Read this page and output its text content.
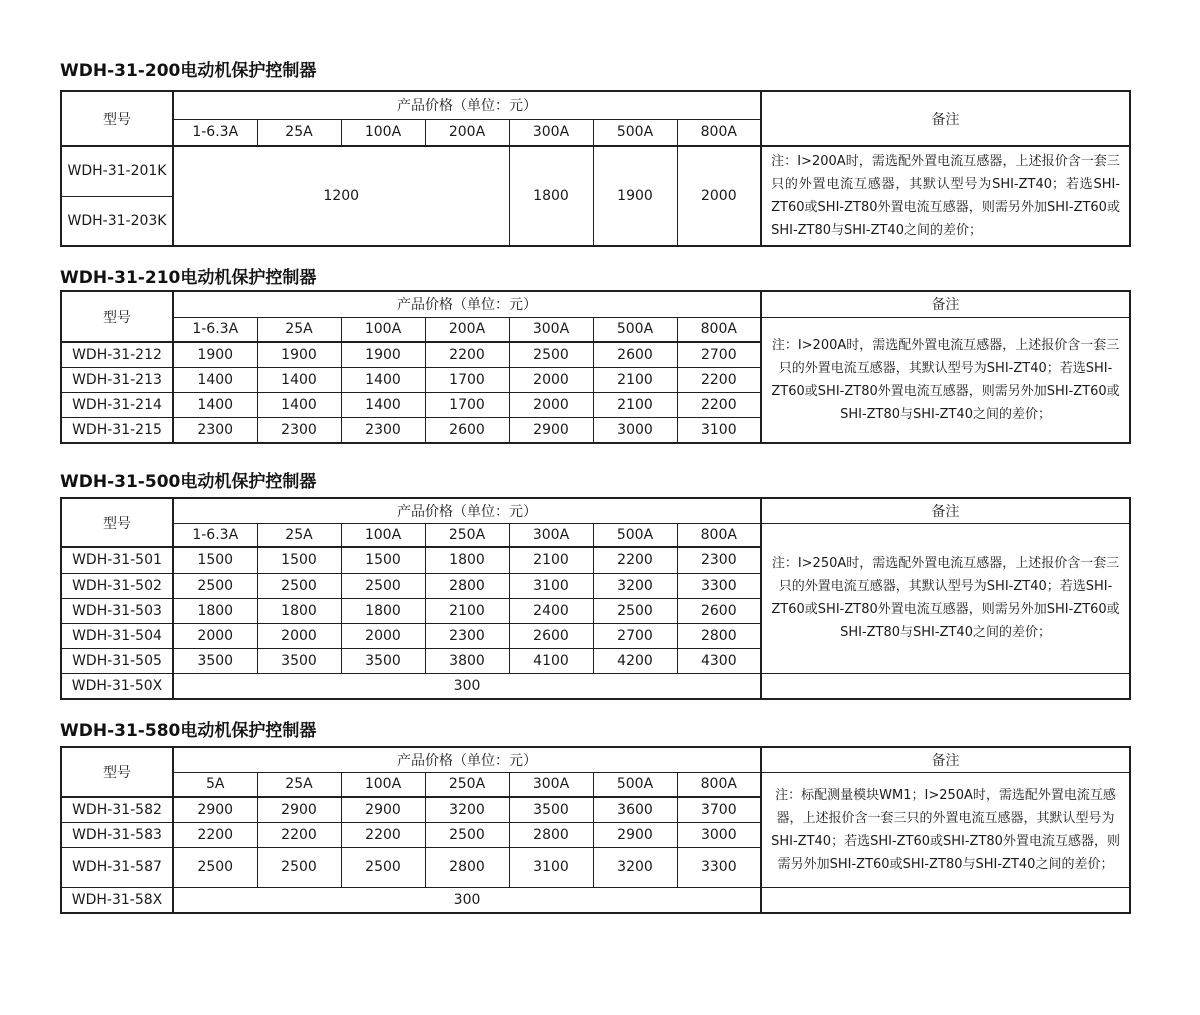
WDH-31-200电动机保护控制器
型号	产品价格（单位：元）							备注
	1-6.3A	25A	100A	200A	300A	500A	800A	
WDH-31-201K	1200				1800	1900	2000	注：I>200A时，需选配外置电流互感器，上述报价含一套三只的外置电流互感器，其默认型号为SHI-ZT40；若选SHI-ZT60或SHI-ZT80外置电流互感器，则需另外加SHI-ZT60或SHI-ZT80与SHI-ZT40之间的差价；
WDH-31-203K								
WDH-31-210电动机保护控制器
型号	产品价格（单位：元）							备注
	1-6.3A	25A	100A	200A	300A	500A	800A	注：I>200A时，需选配外置电流互感器，上述报价含一套三只的外置电流互感器，其默认型号为SHI-ZT40；若选SHI-ZT60或SHI-ZT80外置电流互感器，则需另外加SHI-ZT60或SHI-ZT80与SHI-ZT40之间的差价；
WDH-31-212	1900	1900	1900	2200	2500	2600	2700	
WDH-31-213	1400	1400	1400	1700	2000	2100	2200	
WDH-31-214	1400	1400	1400	1700	2000	2100	2200	
WDH-31-215	2300	2300	2300	2600	2900	3000	3100	
WDH-31-500电动机保护控制器
型号	产品价格（单位：元）							备注
	1-6.3A	25A	100A	250A	300A	500A	800A	注：I>250A时，需选配外置电流互感器，上述报价含一套三只的外置电流互感器，其默认型号为SHI-ZT40；若选SHI-ZT60或SHI-ZT80外置电流互感器，则需另外加SHI-ZT60或SHI-ZT80与SHI-ZT40之间的差价；
WDH-31-501	1500	1500	1500	1800	2100	2200	2300	
WDH-31-502	2500	2500	2500	2800	3100	3200	3300	
WDH-31-503	1800	1800	1800	2100	2400	2500	2600	
WDH-31-504	2000	2000	2000	2300	2600	2700	2800	
WDH-31-505	3500	3500	3500	3800	4100	4200	4300	
WDH-31-50X	300							
WDH-31-580电动机保护控制器
型号	产品价格（单位：元）							备注
	5A	25A	100A	250A	300A	500A	800A	注：标配测量模块WM1；I>250A时，需选配外置电流互感器，上述报价含一套三只的外置电流互感器，其默认型号为SHI-ZT40；若选SHI-ZT60或SHI-ZT80外置电流互感器，则需另外加SHI-ZT60或SHI-ZT80与SHI-ZT40之间的差价；
WDH-31-582	2900	2900	2900	3200	3500	3600	3700	
WDH-31-583	2200	2200	2200	2500	2800	2900	3000	
WDH-31-587	2500	2500	2500	2800	3100	3200	3300	
WDH-31-58X	300							
